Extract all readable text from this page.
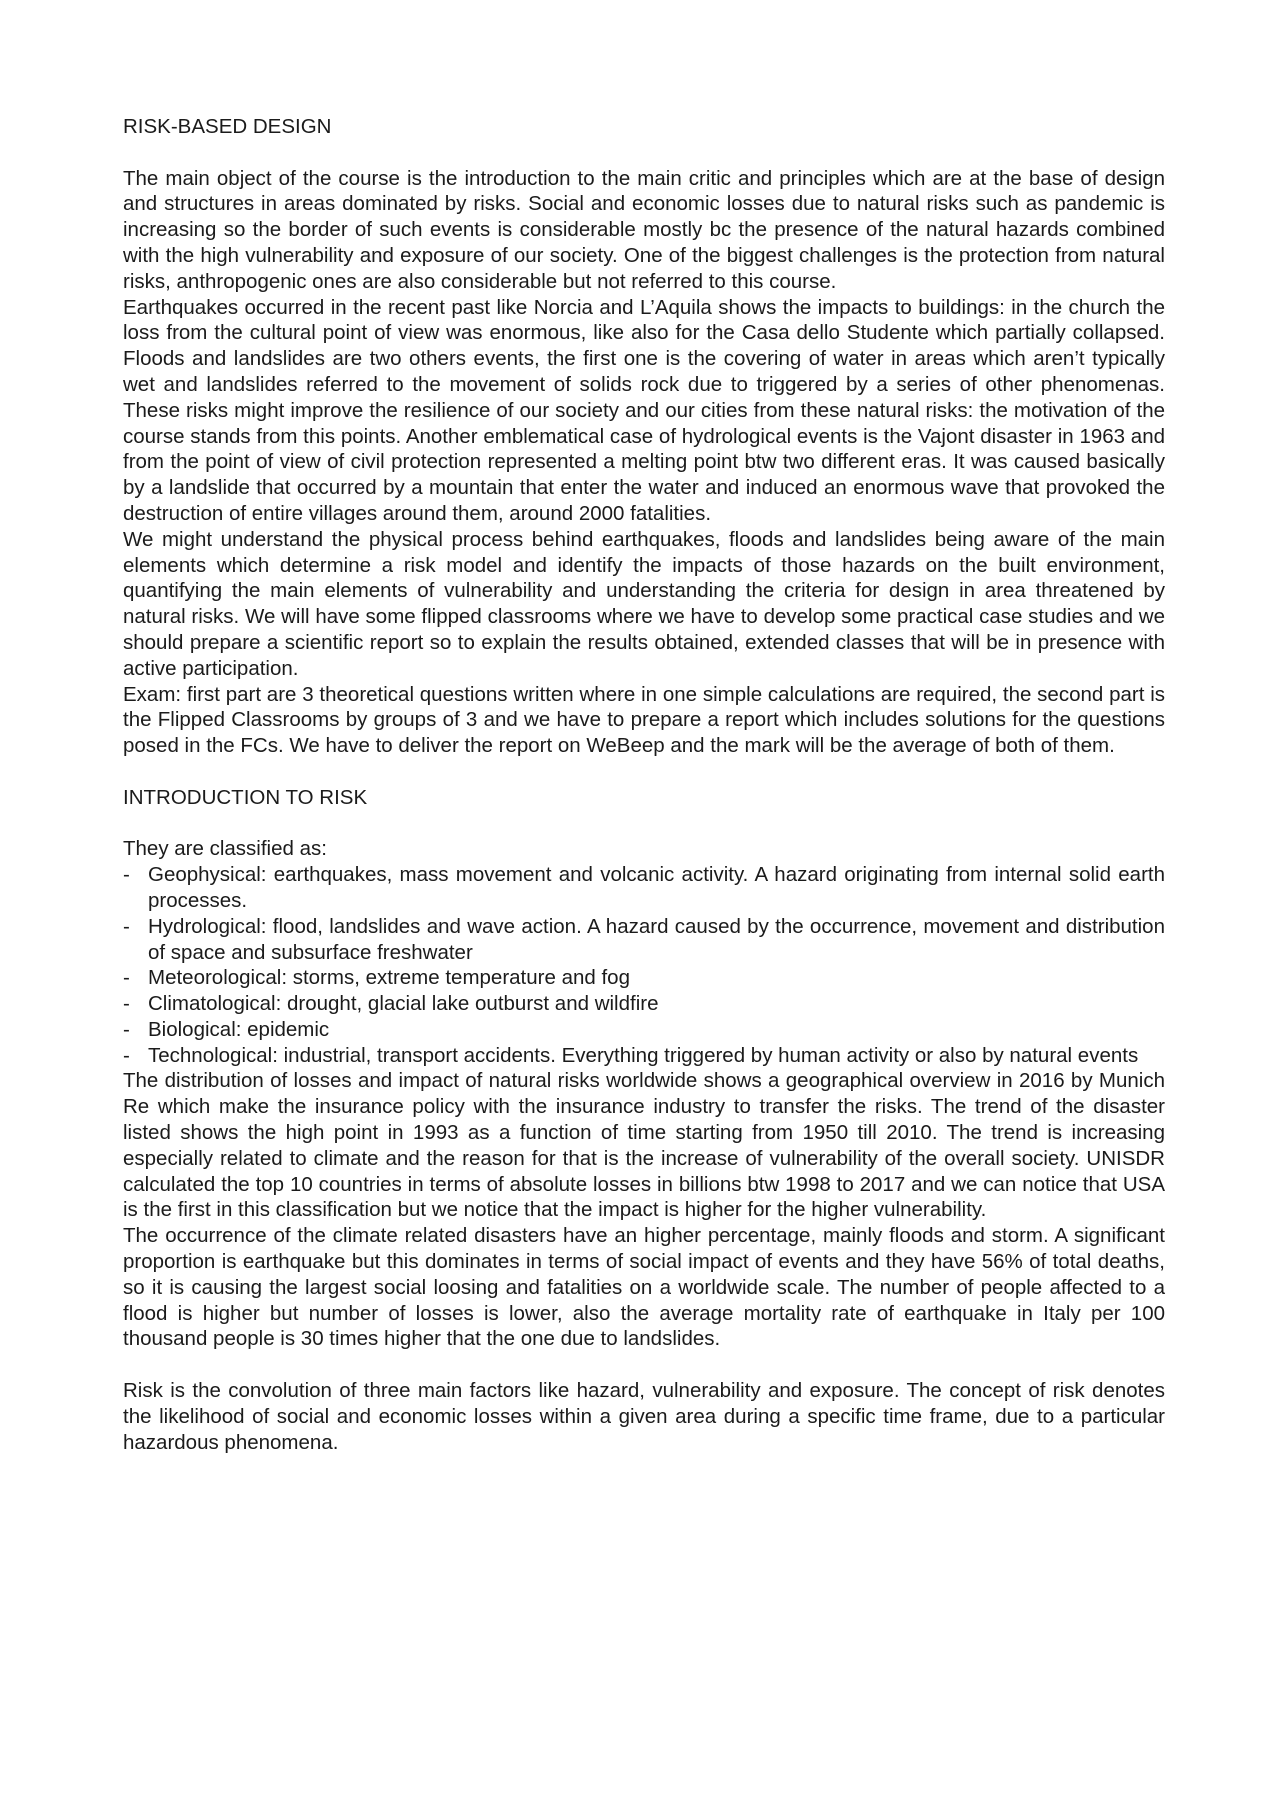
RISK-BASED DESIGN

The main object of the course is the introduction to the main critic and principles which are at the base of design and structures in areas dominated by risks. Social and economic losses due to natural risks such as pandemic is increasing so the border of such events is considerable mostly bc the presence of the natural hazards combined with the high vulnerability and exposure of our society. One of the biggest challenges is the protection from natural risks, anthropogenic ones are also considerable but not referred to this course.

Earthquakes occurred in the recent past like Norcia and L’Aquila shows the impacts to buildings: in the church the loss from the cultural point of view was enormous, like also for the Casa dello Studente which partially collapsed. Floods and landslides are two others events, the first one is the covering of water in areas which aren’t typically wet and landslides referred to the movement of solids rock due to triggered by a series of other phenomenas. These risks might improve the resilience of our society and our cities from these natural risks: the motivation of the course stands from this points. Another emblematical case of hydrological events is the Vajont disaster in 1963 and from the point of view of civil protection represented a melting point btw two different eras. It was caused basically by a landslide that occurred by a mountain that enter the water and induced an enormous wave that provoked the destruction of entire villages around them, around 2000 fatalities.

We might understand the physical process behind earthquakes, floods and landslides being aware of the main elements which determine a risk model and identify the impacts of those hazards on the built environment, quantifying the main elements of vulnerability and understanding the criteria for design in area threatened by natural risks. We will have some flipped classrooms where we have to develop some practical case studies and we should prepare a scientific report so to explain the results obtained, extended classes that will be in presence with active participation.

Exam: first part are 3 theoretical questions written where in one simple calculations are required, the second part is the Flipped Classrooms by groups of 3 and we have to prepare a report which includes solutions for the questions posed in the FCs. We have to deliver the report on WeBeep and the mark will be the average of both of them.

INTRODUCTION TO RISK

They are classified as:

- Geophysical: earthquakes, mass movement and volcanic activity. A hazard originating from internal solid earth processes.
- Hydrological: flood, landslides and wave action. A hazard caused by the occurrence, movement and distribution of space and subsurface freshwater
- Meteorological: storms, extreme temperature and fog
- Climatological: drought, glacial lake outburst and wildfire
- Biological: epidemic
- Technological: industrial, transport accidents. Everything triggered by human activity or also by natural events

The distribution of losses and impact of natural risks worldwide shows a geographical overview in 2016 by Munich Re which make the insurance policy with the insurance industry to transfer the risks. The trend of the disaster listed shows the high point in 1993 as a function of time starting from 1950 till 2010. The trend is increasing especially related to climate and the reason for that is the increase of vulnerability of the overall society. UNISDR calculated the top 10 countries in terms of absolute losses in billions btw 1998 to 2017 and we can notice that USA is the first in this classification but we notice that the impact is higher for the higher vulnerability.

The occurrence of the climate related disasters have an higher percentage, mainly floods and storm. A significant proportion is earthquake but this dominates in terms of social impact of events and they have 56% of total deaths, so it is causing the largest social loosing and fatalities on a worldwide scale. The number of people affected to a flood is higher but number of losses is lower, also the average mortality rate of earthquake in Italy per 100 thousand people is 30 times higher that the one due to landslides.

Risk is the convolution of three main factors like hazard, vulnerability and exposure. The concept of risk denotes the likelihood of social and economic losses within a given area during a specific time frame, due to a particular hazardous phenomena.
